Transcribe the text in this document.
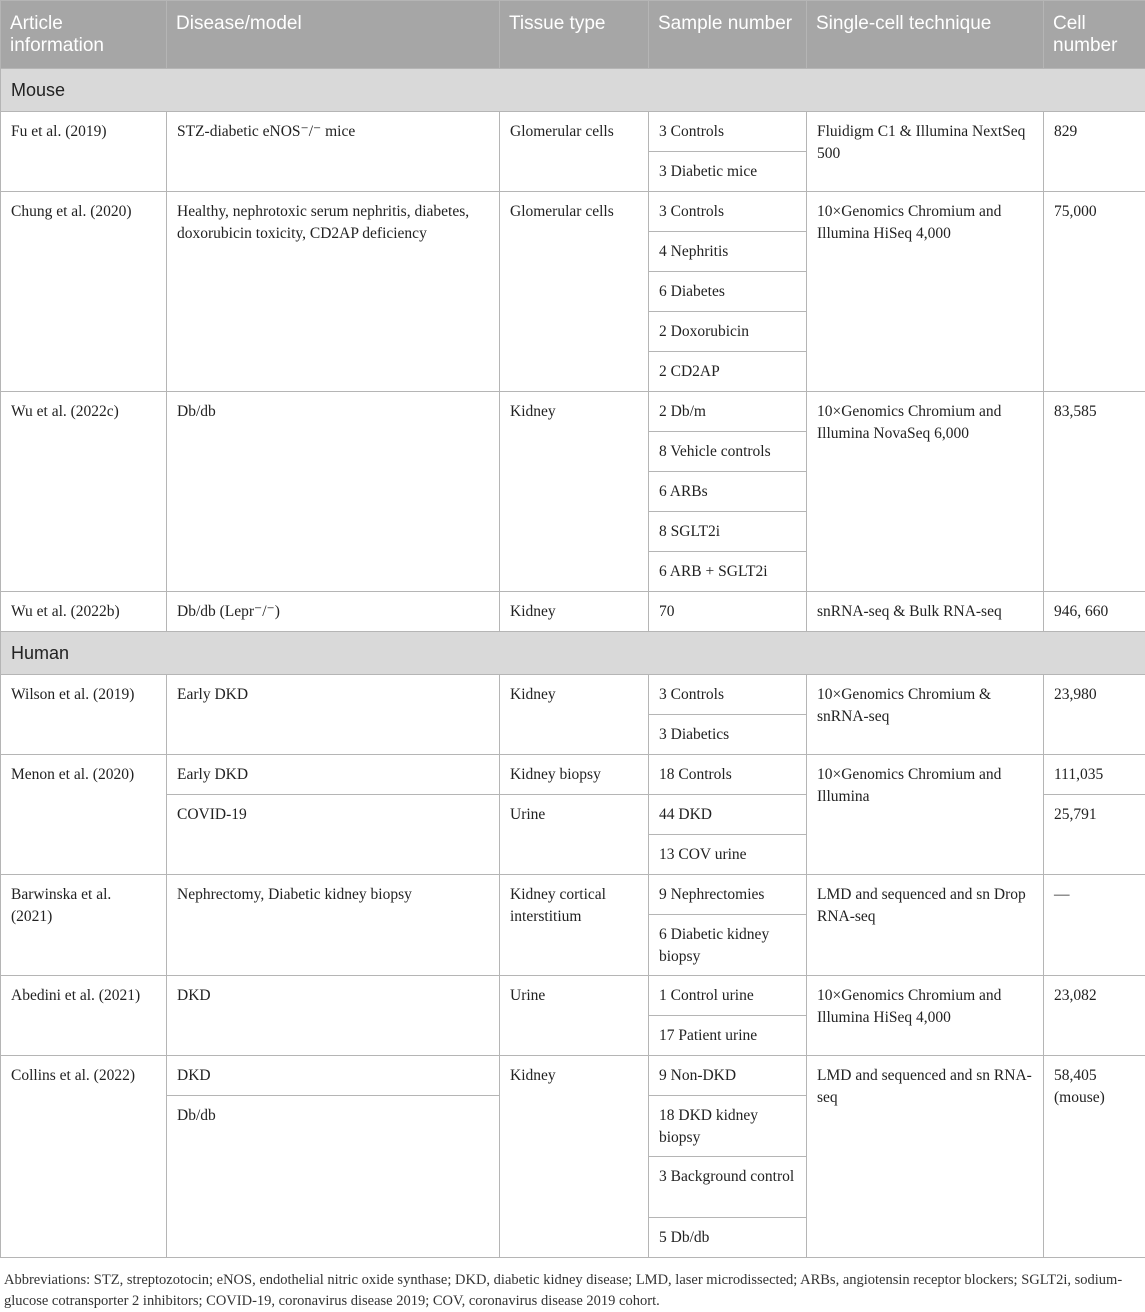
Article information	Disease/model	Tissue type	Sample number	Single-cell technique	Cell number
Mouse					
Fu et al. (2019)	STZ-diabetic eNOS⁻/⁻ mice	Glomerular cells	3 Controls	Fluidigm C1 & Illumina NextSeq 500	829
			3 Diabetic mice		
Chung et al. (2020)	Healthy, nephrotoxic serum nephritis, diabetes, doxorubicin toxicity, CD2AP deficiency	Glomerular cells	3 Controls	10×Genomics Chromium and Illumina HiSeq 4,000	75,000
			4 Nephritis		
			6 Diabetes		
			2 Doxorubicin		
			2 CD2AP		
Wu et al. (2022c)	Db/db	Kidney	2 Db/m	10×Genomics Chromium and Illumina NovaSeq 6,000	83,585
			8 Vehicle controls		
			6 ARBs		
			8 SGLT2i		
			6 ARB + SGLT2i		
Wu et al. (2022b)	Db/db (Lepr⁻/⁻)	Kidney	70	snRNA-seq & Bulk RNA-seq	946, 660
Human					
Wilson et al. (2019)	Early DKD	Kidney	3 Controls	10×Genomics Chromium & snRNA-seq	23,980
			3 Diabetics		
Menon et al. (2020)	Early DKD	Kidney biopsy	18 Controls	10×Genomics Chromium and Illumina	111,035
	COVID-19	Urine	44 DKD		25,791
			13 COV urine		
Barwinska et al. (2021)	Nephrectomy, Diabetic kidney biopsy	Kidney cortical interstitium	9 Nephrectomies	LMD and sequenced and sn Drop RNA-seq	—
			6 Diabetic kidney biopsy		
Abedini et al. (2021)	DKD	Urine	1 Control urine	10×Genomics Chromium and Illumina HiSeq 4,000	23,082
			17 Patient urine		
Collins et al. (2022)	DKD	Kidney	9 Non-DKD	LMD and sequenced and sn RNA-seq	58,405 (mouse)
	Db/db		18 DKD kidney biopsy		
			3 Background control		
			5 Db/db		
Abbreviations: STZ, streptozotocin; eNOS, endothelial nitric oxide synthase; DKD, diabetic kidney disease; LMD, laser microdissected; ARBs, angiotensin receptor blockers; SGLT2i, sodium-glucose cotransporter 2 inhibitors; COVID-19, coronavirus disease 2019; COV, coronavirus disease 2019 cohort.
